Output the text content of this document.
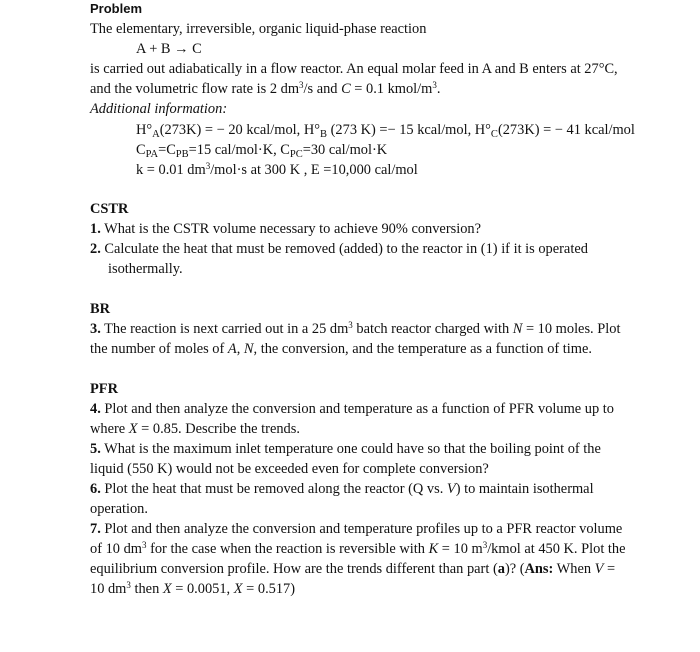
Problem
The elementary, irreversible, organic liquid-phase reaction
A + B → C
is carried out adiabatically in a flow reactor. An equal molar feed in A and B enters at 27°C,
and the volumetric flow rate is 2 $dm^3/s$ and C = 0.1 kmol/$m^3$.
Additional information:
$H^\circ_A(273K)$ = − 20 kcal/mol, $H^\circ_B$ (273 K) =− 15 kcal/mol, $H^\circ_C(273K)$ = − 41 kcal/mol
$C_{PA}=C_{PB}=15$ cal/mol·K, $C_{PC}=30$ cal/mol·K
k = 0.01 $dm^3/mol\cdot s$ at 300 K , E =10,000 cal/mol
CSTR
1. What is the CSTR volume necessary to achieve 90% conversion?
2. Calculate the heat that must be removed (added) to the reactor in (1) if it is operated
isothermally.
BR
3. The reaction is next carried out in a 25 $dm^3$ batch reactor charged with N = 10 moles. Plot
the number of moles of A, N, the conversion, and the temperature as a function of time.
PFR
4. Plot and then analyze the conversion and temperature as a function of PFR volume up to
where X = 0.85. Describe the trends.
5. What is the maximum inlet temperature one could have so that the boiling point of the
liquid (550 K) would not be exceeded even for complete conversion?
6. Plot the heat that must be removed along the reactor (Q vs. V) to maintain isothermal
operation.
7. Plot and then analyze the conversion and temperature profiles up to a PFR reactor volume
of 10 $dm^3$ for the case when the reaction is reversible with K = 10 $m^3$/kmol at 450 K. Plot the
equilibrium conversion profile. How are the trends different than part (a)? (Ans: When V =
10 $dm^3$ then X = 0.0051, X = 0.517)
